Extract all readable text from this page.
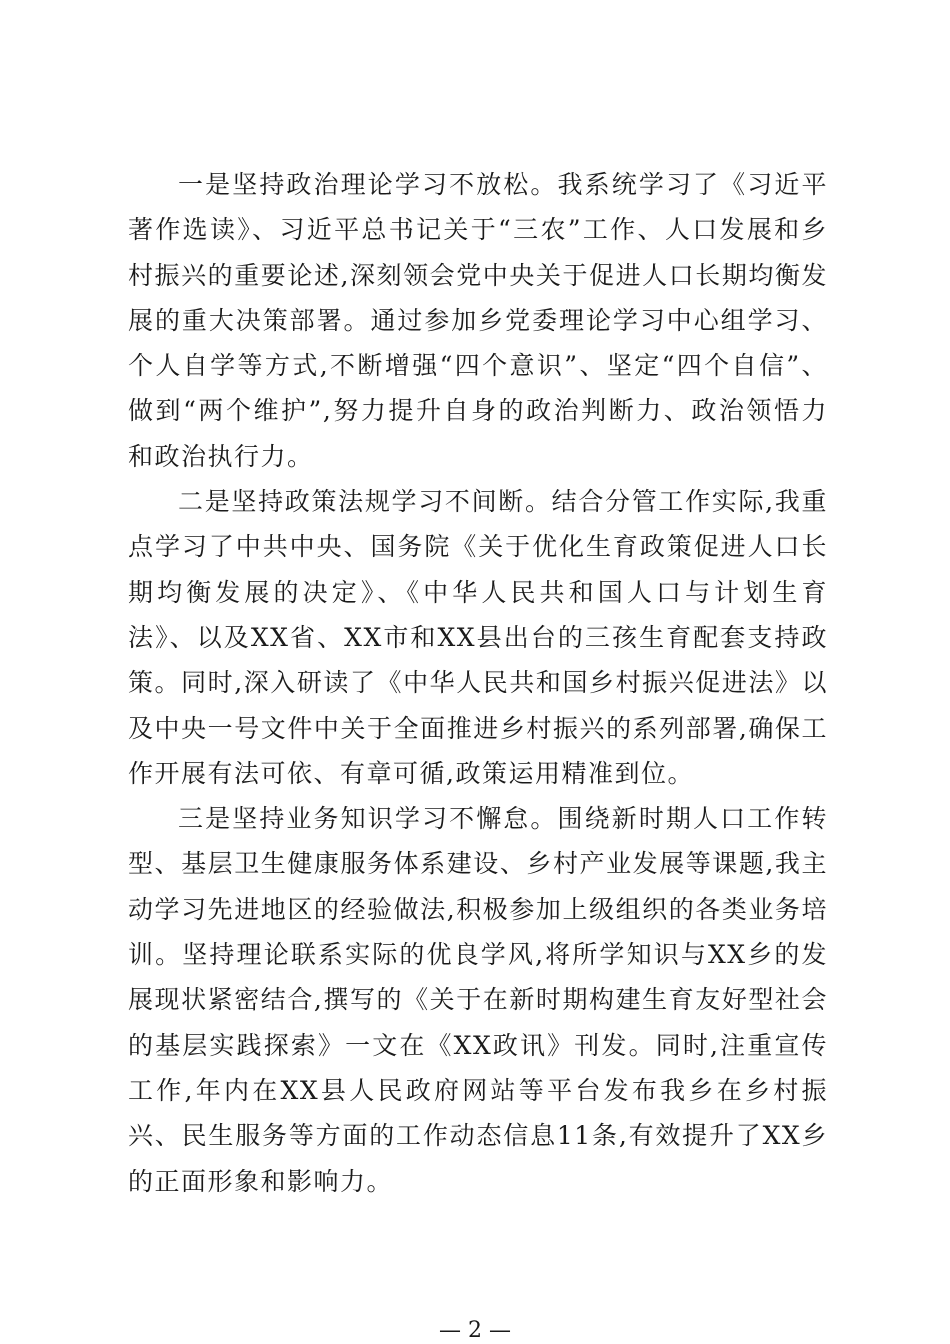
一是坚持政治理论学习不放松。我系统学习了《习近平著作选读》、习近平总书记关于“三农”工作、人口发展和乡村振兴的重要论述,深刻领会党中央关于促进人口长期均衡发展的重大决策部署。通过参加乡党委理论学习中心组学习、个人自学等方式,不断增强“四个意识”、坚定“四个自信”、做到“两个维护”,努力提升自身的政治判断力、政治领悟力和政治执行力。

二是坚持政策法规学习不间断。结合分管工作实际,我重点学习了中共中央、国务院《关于优化生育政策促进人口长期均衡发展的决定》、《中华人民共和国人口与计划生育法》、以及XX省、XX市和XX县出台的三孩生育配套支持政策。同时,深入研读了《中华人民共和国乡村振兴促进法》以及中央一号文件中关于全面推进乡村振兴的系列部署,确保工作开展有法可依、有章可循,政策运用精准到位。

三是坚持业务知识学习不懈怠。围绕新时期人口工作转型、基层卫生健康服务体系建设、乡村产业发展等课题,我主动学习先进地区的经验做法,积极参加上级组织的各类业务培训。坚持理论联系实际的优良学风,将所学知识与XX乡的发展现状紧密结合,撰写的《关于在新时期构建生育友好型社会的基层实践探索》一文在《XX政讯》刊发。同时,注重宣传工作,年内在XX县人民政府网站等平台发布我乡在乡村振兴、民生服务等方面的工作动态信息11条,有效提升了XX乡的正面形象和影响力。

— 2 —
